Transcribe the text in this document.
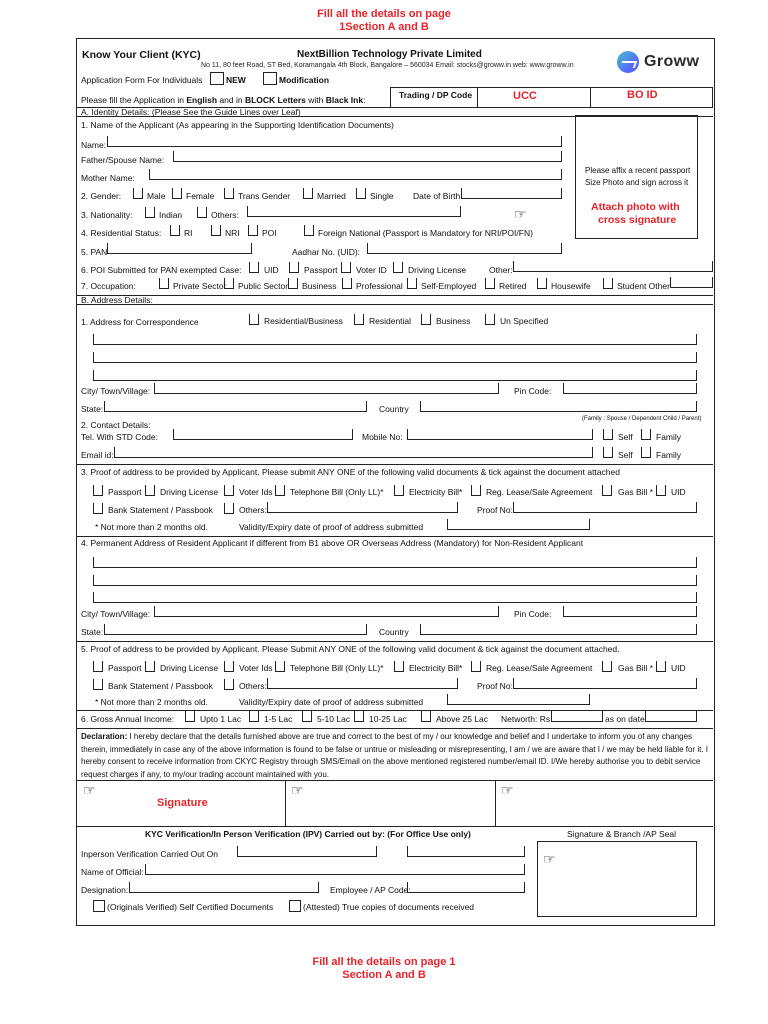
Fill all the details on page
1Section A and B
Know Your Client (KYC)	NextBillion Technology Private Limited
No 11, 80 feet Road, ST Bed, Koramangala 4th Block, Bangalore – 560034 Email: stocks@groww.in web: www.groww.in	Groww
Application Form For Individuals	NEW	Modification
Please fill the Application in English and in BLOCK Letters with Black Ink:	Trading / DP Code	UCC	BO ID
A. Identity Details: (Please See the Guide Lines over Leaf)
1. Name of the Applicant (As appearing in the Supporting Identification Documents)
Name:
Father/Spouse Name:
Mother Name:
2. Gender:	Male Female	Trans Gender	Married	Single Date of Birth:
3. Nationality:	Indian	Others:	☞
4. Residential Status:	RI	NRI	POI	Foreign National (Passport is Mandatory for NRI/POI/FN)
5. PAN	Aadhar No. (UID):
6. POI Submitted for PAN exempted Case:	UID	Passport Voter ID	Driving License	Other:
7. Occupation:	Private Sector Public Sector Business Professional Self-Employed	Retired	Housewife	Student Other
Please affix a recent passport
Size Photo and sign across it
Attach photo with
cross signature
B. Address Details:
1. Address for Correspondence	Residential/Business	Residential	Business	Un Specified
City/ Town/Village:	Pin Code:
State:	Country
(Family : Spouse / Dependent Child / Parent)
2. Contact Details:
Tel. With STD Code:	Mobile No:	Self	Family
Email id:	Self	Family
3. Proof of address to be provided by Applicant. Please submit ANY ONE of the following valid documents & tick against the document attached
Passport Driving License Voter Ids Telephone Bill (Only LL)*	Electricity Bill*	Reg. Lease/Sale Agreement	Gas Bill * UID
Bank Statement / Passbook	Others:	Proof No:
* Not more than 2 months old.	Validity/Expiry date of proof of address submitted
4. Permanent Address of Resident Applicant if different from B1 above OR Overseas Address (Mandatory) for Non-Resident Applicant
City/ Town/Village:	Pin Code:
State:	Country
5. Proof of address to be provided by Applicant. Please Submit ANY ONE of the following valid document & tick against the document attached.
Passport Driving License Voter Ids Telephone Bill (Only LL)*	Electricity Bill*	Reg. Lease/Sale Agreement	Gas Bill * UID
Bank Statement / Passbook	Others:	Proof No:
* Not more than 2 months old.	Validity/Expiry date of proof of address submitted
6. Gross Annual Income:	Upto 1 Lac	1-5 Lac	5-10 Lac 10-25 Lac	Above 25 Lac Networth: Rs.	as on date
Declaration: I hereby declare that the details furnished above are true and correct to the best of my / our knowledge and belief and I undertake to inform you of any changes
therein, immediately in case any of the above information is found to be false or untrue or misleading or misrepresenting, I am / we are aware that I / we may be held liable for it. I
hereby consent to receive information from CKYC Registry through SMS/Email on the above mentioned registered number/email ID. I/We hereby authorise you to debit service
request charges if any, to my/our trading account maintained with you.
☞	☞	☞
Signature
KYC Verification/In Person Verification (IPV) Carried out by: (For Office Use only)	Signature & Branch /AP Seal
☞
Inperson Verification Carried Out On
Name of Official:
Designation:	Employee / AP Code:
(Originals Verified) Self Certified Documents	(Attested) True copies of documents received
Fill all the details on page 1
Section A and B
